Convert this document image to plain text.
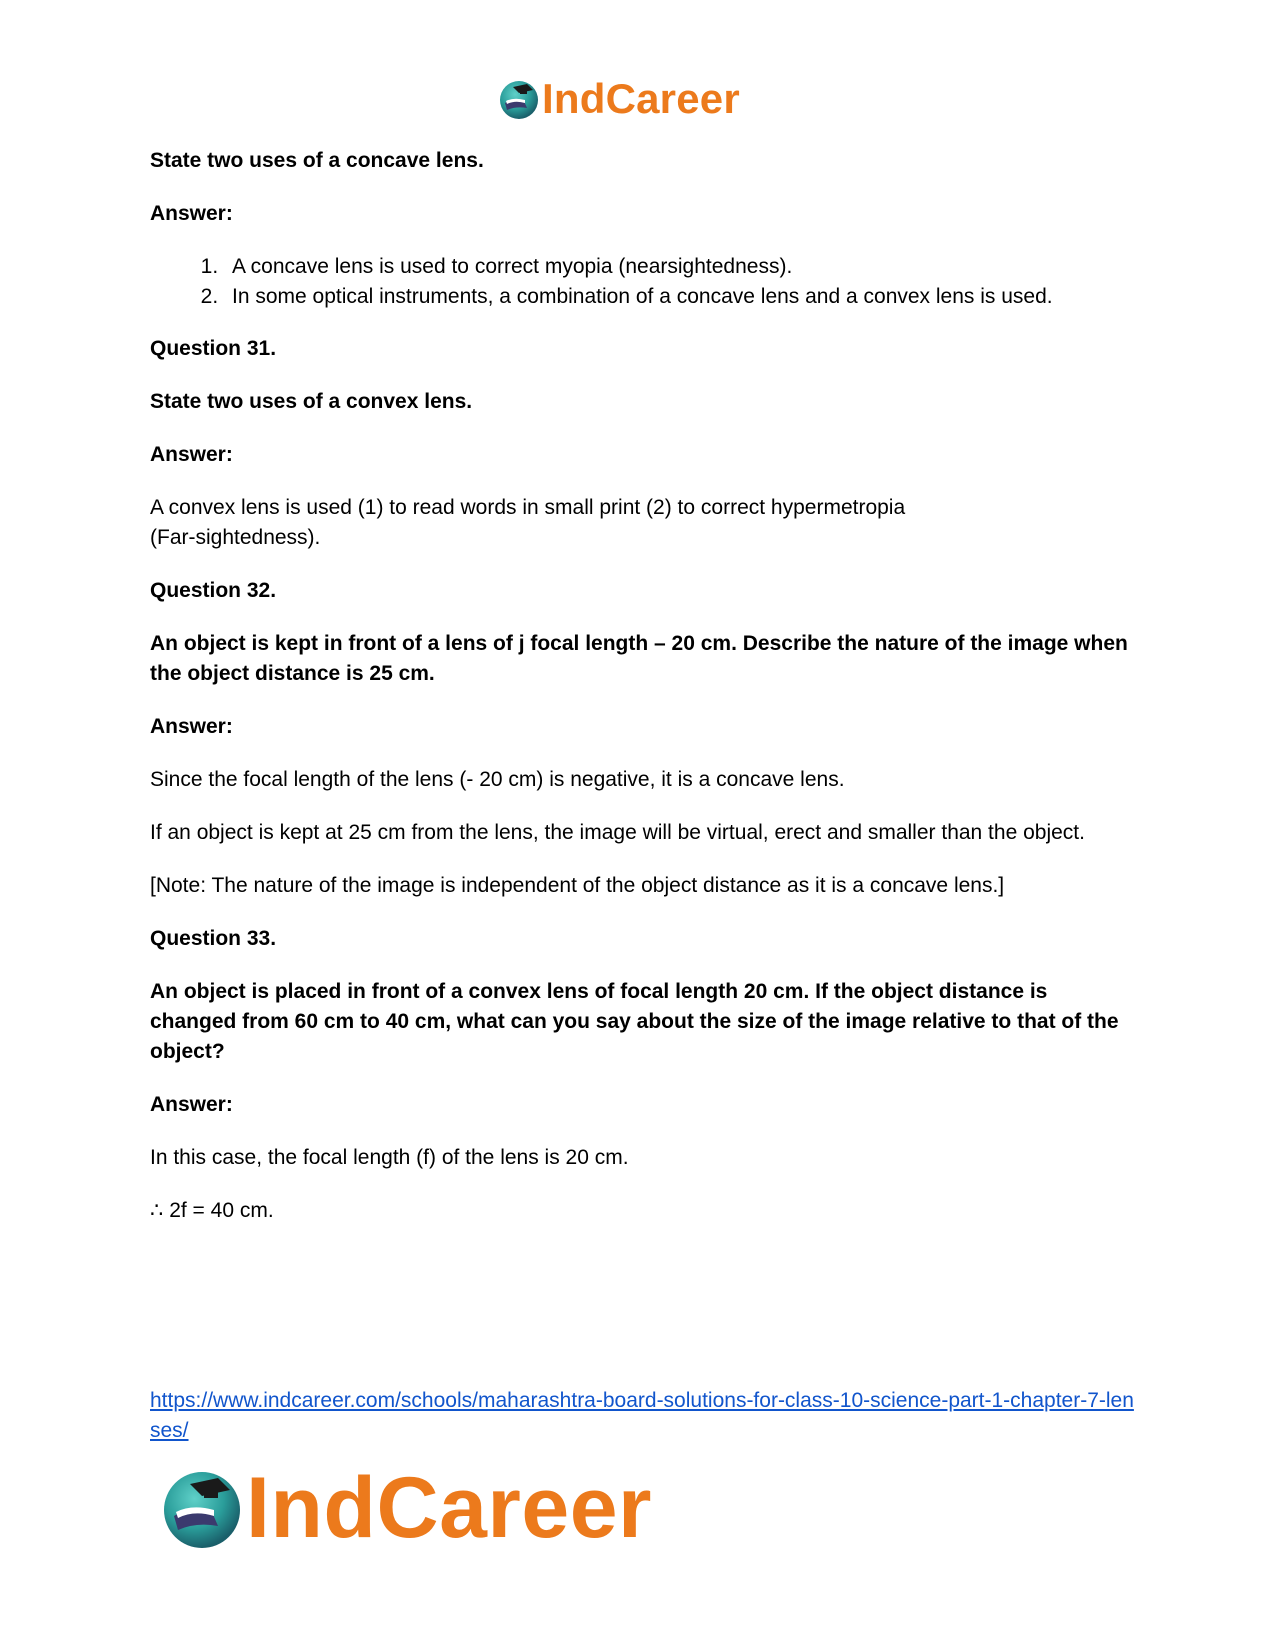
IndCareer

State two uses of a concave lens.

Answer:

1. A concave lens is used to correct myopia (nearsightedness).
2. In some optical instruments, a combination of a concave lens and a convex lens is used.

Question 31.

State two uses of a convex lens.

Answer:

A convex lens is used (1) to read words in small print (2) to correct hypermetropia (Far-sightedness).

Question 32.

An object is kept in front of a lens of j focal length – 20 cm. Describe the nature of the image when the object distance is 25 cm.

Answer:

Since the focal length of the lens (- 20 cm) is negative, it is a concave lens.

If an object is kept at 25 cm from the lens, the image will be virtual, erect and smaller than the object.

[Note: The nature of the image is independent of the object distance as it is a concave lens.]

Question 33.

An object is placed in front of a convex lens of focal length 20 cm. If the object distance is changed from 60 cm to 40 cm, what can you say about the size of the image relative to that of the object?

Answer:

In this case, the focal length (f) of the lens is 20 cm.

∴ 2f = 40 cm.

https://www.indcareer.com/schools/maharashtra-board-solutions-for-class-10-science-part-1-chapter-7-lenses/
IndCareer
